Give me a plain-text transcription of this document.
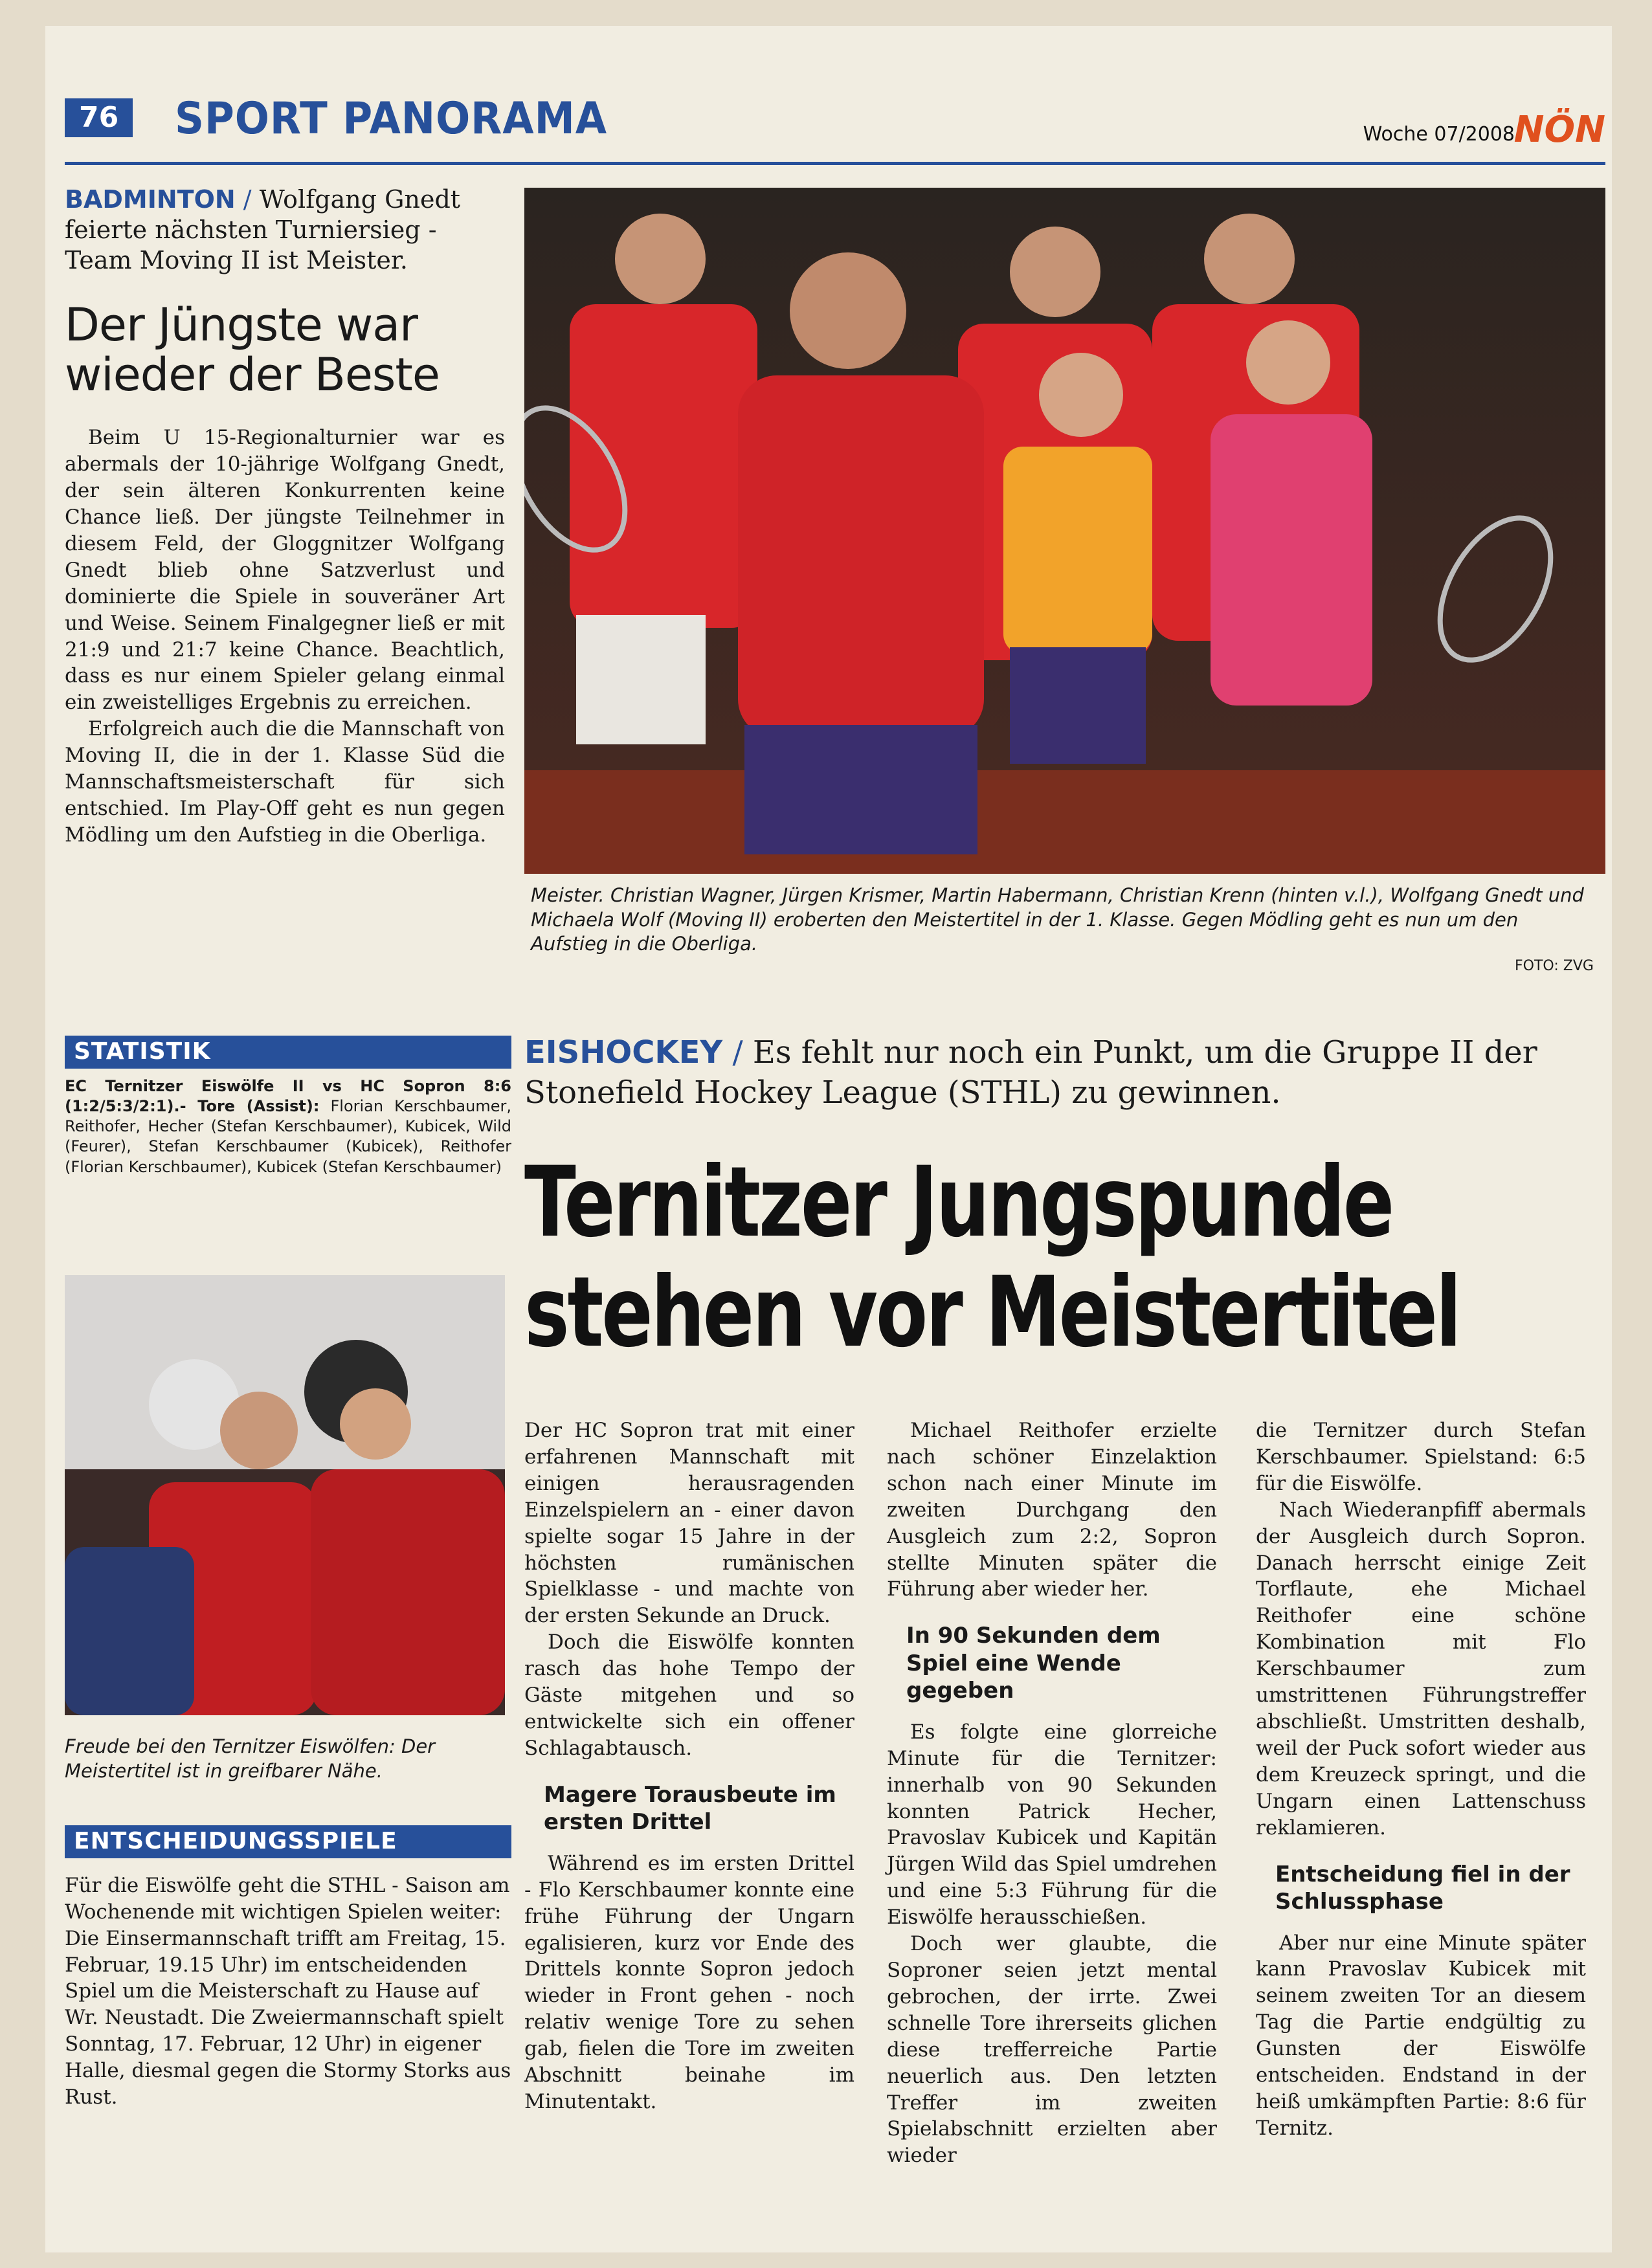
76	SPORT PANORAMA	Woche 07/2008
NÖN
BADMINTON / Wolfgang Gnedt feierte nächsten Turniersieg - Team Moving II ist Meister.
Der Jüngste war wieder der Beste

Beim U 15-Regionalturnier war es abermals der 10-jährige Wolfgang Gnedt, der sein älteren Konkurrenten keine Chance ließ. Der jüngste Teilnehmer in diesem Feld, der Gloggnitzer Wolfgang Gnedt blieb ohne Satzverlust und dominierte die Spiele in souveräner Art und Weise. Seinem Finalgegner ließ er mit 21:9 und 21:7 keine Chance. Beachtlich, dass es nur einem Spieler gelang einmal ein zweistelliges Ergebnis zu erreichen.

Erfolgreich auch die die Mannschaft von Moving II, die in der 1. Klasse Süd die Mannschaftsmeisterschaft für sich entschied. Im Play-Off geht es nun gegen Mödling um den Aufstieg in die Oberliga.

Meister. Christian Wagner, Jürgen Krismer, Martin Habermann, Christian Krenn (hinten v.l.), Wolfgang Gnedt und Michaela Wolf (Moving II) eroberten den Meistertitel in der 1. Klasse. Gegen Mödling geht es nun um den Aufstieg in die Oberliga.
FOTO: ZVG
STATISTIK
EC Ternitzer Eiswölfe II vs HC Sopron 8:6 (1:2/5:3/2:1).- Tore (Assist): Florian Kerschbaumer, Reithofer, Hecher (Stefan Kerschbaumer), Kubicek, Wild (Feurer), Stefan Kerschbaumer (Kubicek), Reithofer (Florian Kerschbaumer), Kubicek (Stefan Kerschbaumer)
Freude bei den Ternitzer Eiswölfen: Der Meistertitel ist in greifbarer Nähe.
ENTSCHEIDUNGSSPIELE
Für die Eiswölfe geht die STHL - Saison am Wochenende mit wichtigen Spielen weiter: Die Einsermannschaft trifft am Freitag, 15. Februar, 19.15 Uhr) im entscheidenden Spiel um die Meisterschaft zu Hause auf Wr. Neustadt. Die Zweiermannschaft spielt Sonntag, 17. Februar, 12 Uhr) in eigener Halle, diesmal gegen die Stormy Storks aus Rust.
EISHOCKEY / Es fehlt nur noch ein Punkt, um die Gruppe II der Stonefield Hockey League (STHL) zu gewinnen.
Ternitzer Jungspunde
stehen vor Meistertitel

Der HC Sopron trat mit einer erfahrenen Mannschaft mit einigen herausragenden Einzelspielern an - einer davon spielte sogar 15 Jahre in der höchsten rumänischen Spielklasse - und machte von der ersten Sekunde an Druck.

Doch die Eiswölfe konnten rasch das hohe Tempo der Gäste mitgehen und so entwickelte sich ein offener Schlagabtausch.

Magere Torausbeute im ersten Drittel

Während es im ersten Drittel - Flo Kerschbaumer konnte eine frühe Führung der Ungarn egalisieren, kurz vor Ende des Drittels konnte Sopron jedoch wieder in Front gehen - noch relativ wenige Tore zu sehen gab, fielen die Tore im zweiten Abschnitt beinahe im Minutentakt.

Michael Reithofer erzielte nach schöner Einzelaktion schon nach einer Minute im zweiten Durchgang den Ausgleich zum 2:2, Sopron stellte Minuten später die Führung aber wieder her.

In 90 Sekunden dem Spiel eine Wende gegeben

Es folgte eine glorreiche Minute für die Ternitzer: innerhalb von 90 Sekunden konnten Patrick Hecher, Pravoslav Kubicek und Kapitän Jürgen Wild das Spiel umdrehen und eine 5:3 Führung für die Eiswölfe herausschießen.

Doch wer glaubte, die Soproner seien jetzt mental gebrochen, der irrte. Zwei schnelle Tore ihrerseits glichen diese trefferreiche Partie neuerlich aus. Den letzten Treffer im zweiten Spielabschnitt erzielten aber wieder

die Ternitzer durch Stefan Kerschbaumer. Spielstand: 6:5 für die Eiswölfe.

Nach Wiederanpfiff abermals der Ausgleich durch Sopron. Danach herrscht einige Zeit Torflaute, ehe Michael Reithofer eine schöne Kombination mit Flo Kerschbaumer zum umstrittenen Führungstreffer abschließt. Umstritten deshalb, weil der Puck sofort wieder aus dem Kreuzeck springt, und die Ungarn einen Lattenschuss reklamieren.

Entscheidung fiel in der Schlussphase

Aber nur eine Minute später kann Pravoslav Kubicek mit seinem zweiten Tor an diesem Tag die Partie endgültig zu Gunsten der Eiswölfe entscheiden. Endstand in der heiß umkämpften Partie: 8:6 für Ternitz.
